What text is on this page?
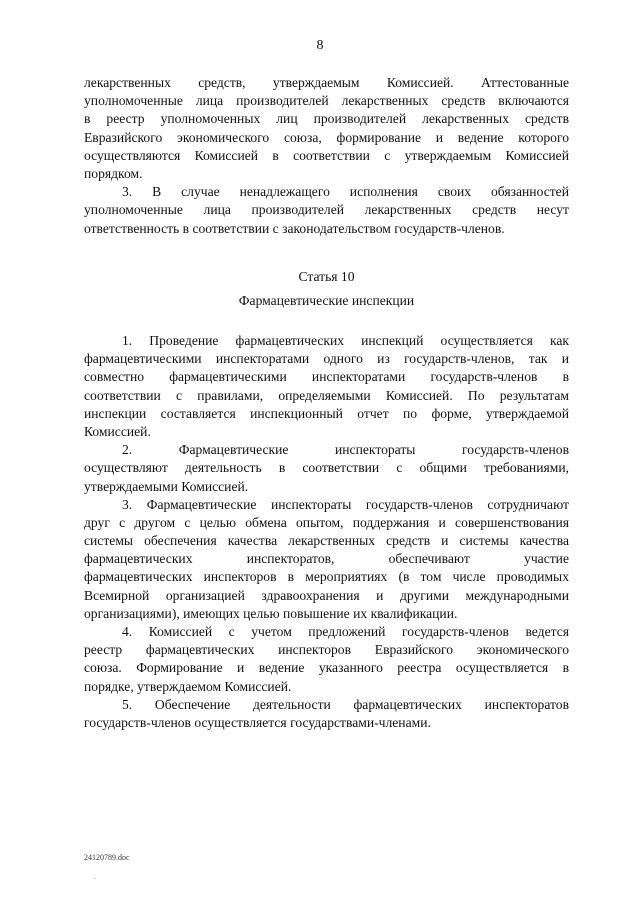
8
лекарственных средств, утверждаемым Комиссией. Аттестованные
уполномоченные лица производителей лекарственных средств включаются
в реестр уполномоченных лиц производителей лекарственных средств
Евразийского экономического союза, формирование и ведение которого
осуществляются Комиссией в соответствии с утверждаемым Комиссией
порядком.
3. В случае ненадлежащего исполнения своих обязанностей
уполномоченные лица производителей лекарственных средств несут
ответственность в соответствии с законодательством государств-членов.
Статья 10
Фармацевтические инспекции
1. Проведение фармацевтических инспекций осуществляется как
фармацевтическими инспекторатами одного из государств-членов, так и
совместно фармацевтическими инспекторатами государств-членов в
соответствии с правилами, определяемыми Комиссией. По результатам
инспекции составляется инспекционный отчет по форме, утверждаемой
Комиссией.
2. Фармацевтические инспектораты государств-членов
осуществляют деятельность в соответствии с общими требованиями,
утверждаемыми Комиссией.
3. Фармацевтические инспектораты государств-членов сотрудничают
друг с другом с целью обмена опытом, поддержания и совершенствования
системы обеспечения качества лекарственных средств и системы качества
фармацевтических инспекторатов, обеспечивают участие
фармацевтических инспекторов в мероприятиях (в том числе проводимых
Всемирной организацией здравоохранения и другими международными
организациями), имеющих целью повышение их квалификации.
4. Комиссией с учетом предложений государств-членов ведется
реестр фармацевтических инспекторов Евразийского экономического
союза. Формирование и ведение указанного реестра осуществляется в
порядке, утверждаемом Комиссией.
5. Обеспечение деятельности фармацевтических инспекторатов
государств-членов осуществляется государствами-членами.
24120789.doc
.
